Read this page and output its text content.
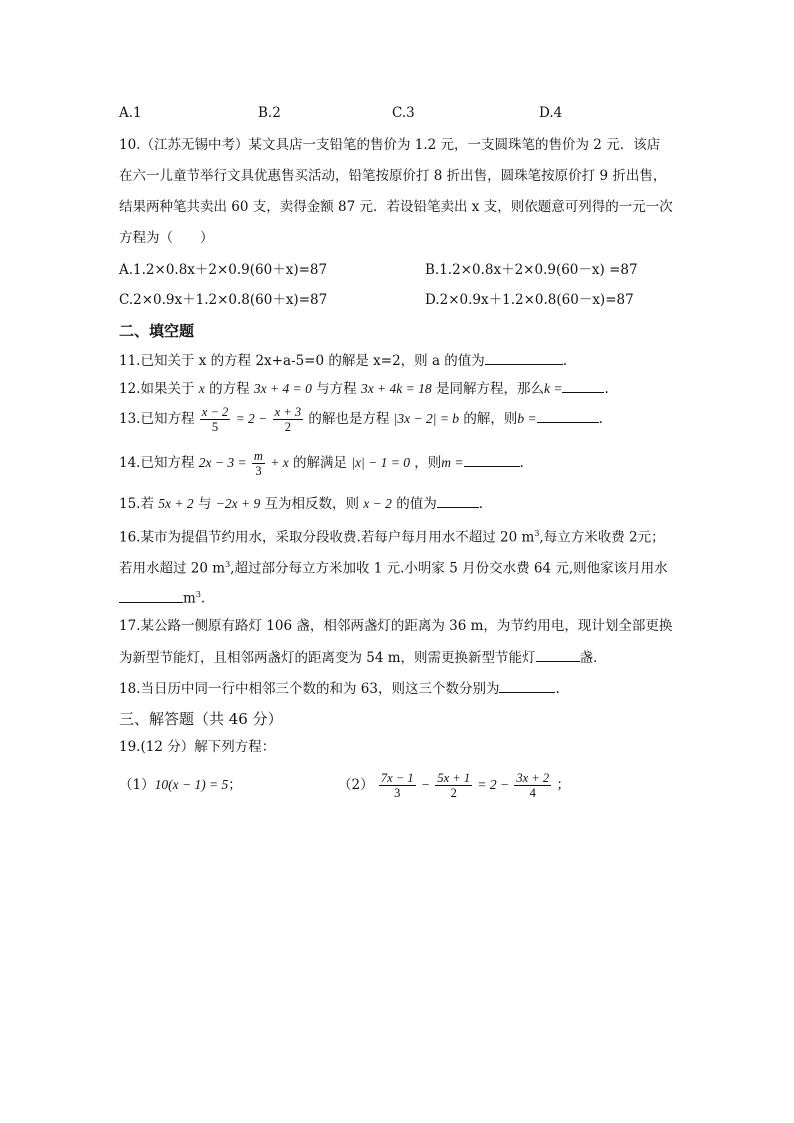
A.1	B.2	C.3	D.4
10.（江苏无锡中考）某文具店一支铅笔的售价为 1.2 元，一支圆珠笔的售价为 2 元．该店
在六一儿童节举行文具优惠售买活动，铅笔按原价打 8 折出售，圆珠笔按原价打 9 折出售，
结果两种笔共卖出 60 支，卖得金额 87 元．若设铅笔卖出 x 支，则依题意可列得的一元一次
方程为（　　）
A.1.2×0.8x＋2×0.9(60＋x)=87	B.1.2×0.8x＋2×0.9(60－x) =87
C.2×0.9x＋1.2×0.8(60＋x)=87	D.2×0.9x＋1.2×0.8(60－x)=87
二、填空题
11.已知关于 x 的方程 2x+a-5=0 的解是 x=2，则 a 的值为	.
12.如果关于 x 的方程 3x + 4 = 0 与方程 3x + 4k = 18 是同解方程，那么k =	.
13.已知方程 $\frac{x - 2}{5} = 2 - \frac{x + 3}{2}$ 的解也是方程 |3x − 2| = b 的解，则b =	.
14.已知方程 $2x - 3 = \frac{m}{3} + x$ 的解满足 |x| − 1 = 0 ，则m =	.
15.若 5x + 2 与 −2x + 9 互为相反数，则 x − 2 的值为	.
16.某市为提倡节约用水，采取分段收费.若每户每月用水不超过 20 $m^3$,每立方米收费 2元；
若用水超过 20 $m^3$,超过部分每立方米加收 1 元.小明家 5 月份交水费 64 元,则他家该月用水
$m^3$.
17.某公路一侧原有路灯 106 盏，相邻两盏灯的距离为 36 m，为节约用电，现计划全部更换
为新型节能灯，且相邻两盏灯的距离变为 54 m，则需更换新型节能灯	盏.
18.当日历中同一行中相邻三个数的和为 63，则这三个数分别为	.
三、解答题（共 46 分）
19.(12 分）解下列方程：
（1）10(x − 1) = 5；	$(2) \frac{7x - 1}{3} - \frac{5x + 1}{2} = 2 - \frac{3x + 2}{4}$ ；
